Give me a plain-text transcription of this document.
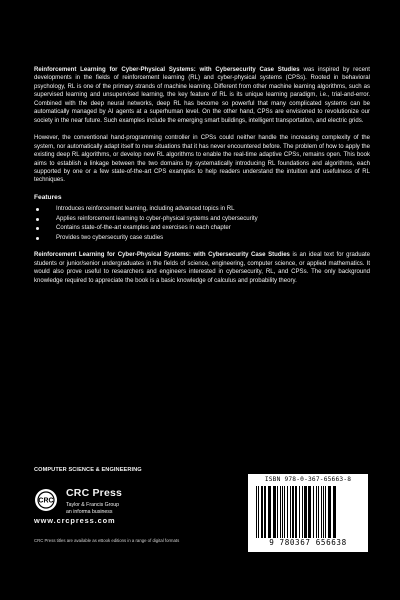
Reinforcement Learning for Cyber-Physical Systems: with Cybersecurity Case Studies was inspired by recent developments in the fields of reinforcement learning (RL) and cyber-physical systems (CPSs). Rooted in behavioral psychology, RL is one of the primary strands of machine learning. Different from other machine learning algorithms, such as supervised learning and unsupervised learning, the key feature of RL is its unique learning paradigm, i.e., trial-and-error. Combined with the deep neural networks, deep RL has become so powerful that many complicated systems can be automatically managed by AI agents at a superhuman level. On the other hand, CPSs are envisioned to revolutionize our society in the near future. Such examples include the emerging smart buildings, intelligent transportation, and electric grids.

However, the conventional hand-programming controller in CPSs could neither handle the increasing complexity of the system, nor automatically adapt itself to new situations that it has never encountered before. The problem of how to apply the existing deep RL algorithms, or develop new RL algorithms to enable the real-time adaptive CPSs, remains open. This book aims to establish a linkage between the two domains by systematically introducing RL foundations and algorithms, each supported by one or a few state-of-the-art CPS examples to help readers understand the intuition and usefulness of RL techniques.

Features
Introduces reinforcement learning, including advanced topics in RL
Applies reinforcement learning to cyber-physical systems and cybersecurity
Contains state-of-the-art examples and exercises in each chapter
Provides two cybersecurity case studies

Reinforcement Learning for Cyber-Physical Systems: with Cybersecurity Case Studies is an ideal text for graduate students or junior/senior undergraduates in the fields of science, engineering, computer science, or applied mathematics. It would also prove useful to researchers and engineers interested in cybersecurity, RL, and CPSs. The only background knowledge required to appreciate the book is a basic knowledge of calculus and probability theory.

COMPUTER SCIENCE & ENGINEERING
CRC
CRC Press
Taylor & Francis Group
an informa business
www.crcpress.com
CRC Press titles are available as eBook editions in a range of digital formats
ISBN 978-0-367-65663-8
9 780367 656638
